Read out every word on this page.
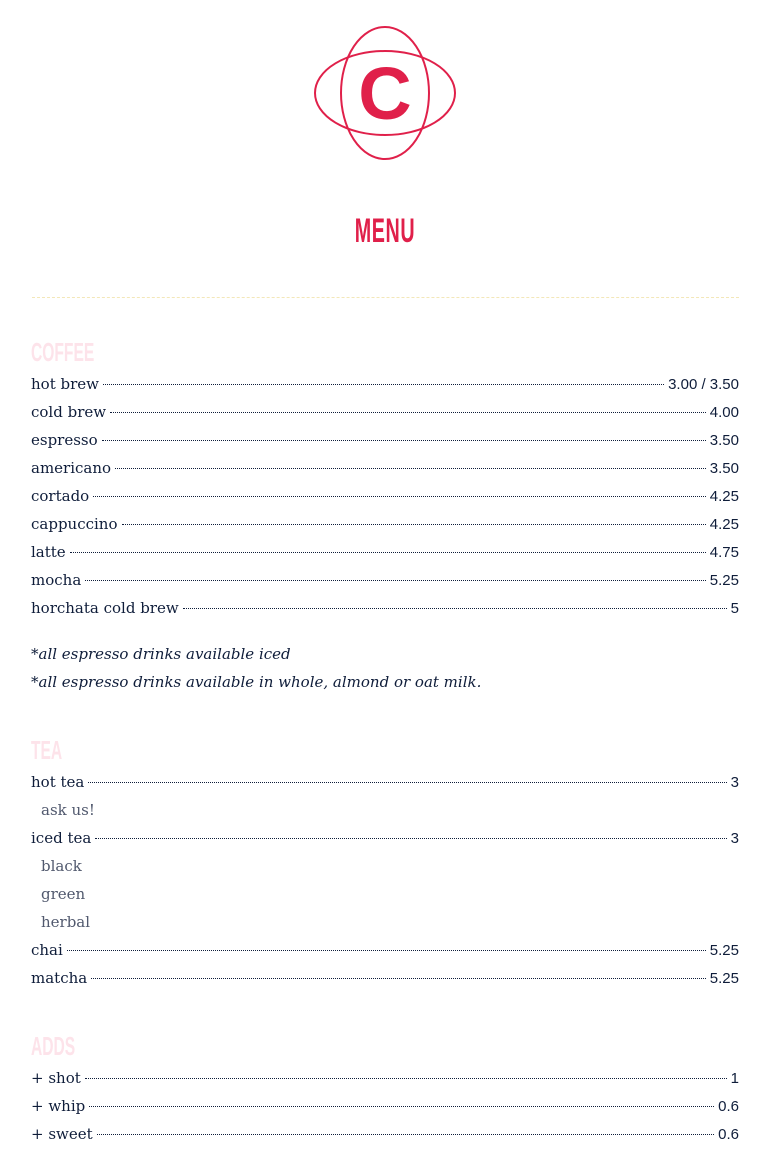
C
MENU
COFFEE
hot brew	3.00 / 3.50
cold brew	4.00
espresso	3.50
americano	3.50
cortado	4.25
cappuccino	4.25
latte	4.75
mocha	5.25
horchata cold brew	5
*all espresso drinks available iced
*all espresso drinks available in whole, almond or oat milk.
TEA
hot tea	3
ask us!
iced tea	3
black
green
herbal
chai	5.25
matcha	5.25
ADDS
+ shot	1
+ whip	0.6
+ sweet	0.6
